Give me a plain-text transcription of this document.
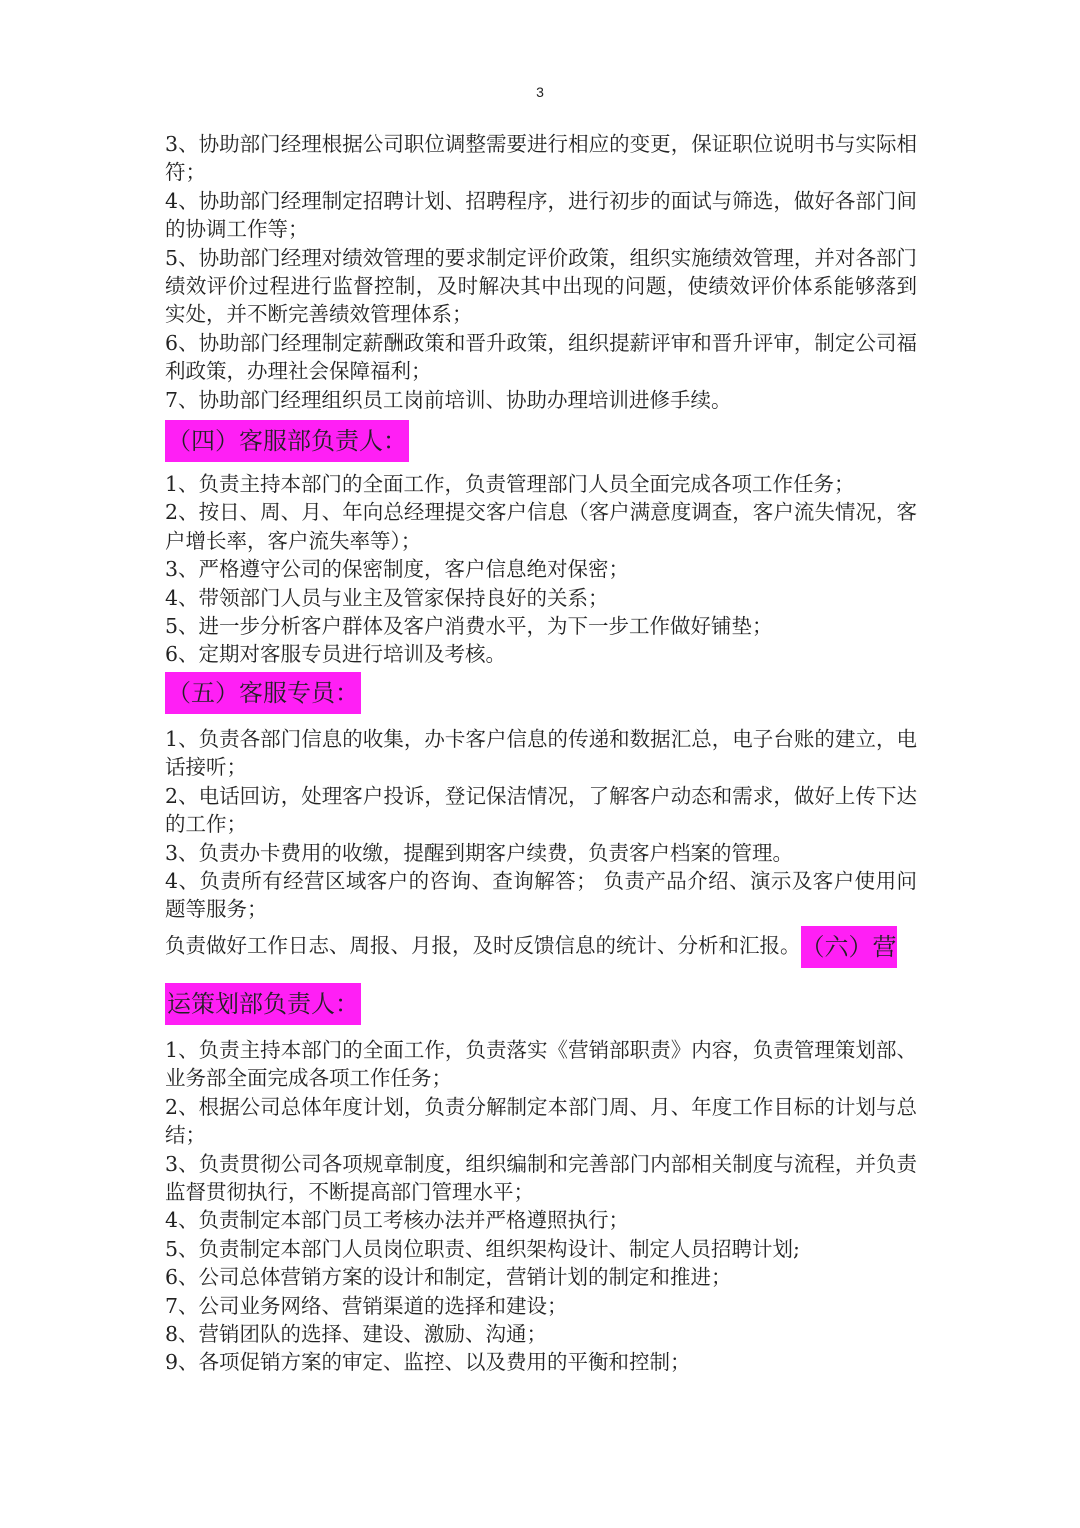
3

3、协助部门经理根据公司职位调整需要进行相应的变更，保证职位说明书与实际相符；

4、协助部门经理制定招聘计划、招聘程序，进行初步的面试与筛选，做好各部门间的协调工作等；

5、协助部门经理对绩效管理的要求制定评价政策，组织实施绩效管理，并对各部门绩效评价过程进行监督控制，及时解决其中出现的问题，使绩效评价体系能够落到实处，并不断完善绩效管理体系；

6、协助部门经理制定薪酬政策和晋升政策，组织提薪评审和晋升评审，制定公司福利政策，办理社会保障福利；

7、协助部门经理组织员工岗前培训、协助办理培训进修手续。

（四）客服部负责人：

1、负责主持本部门的全面工作，负责管理部门人员全面完成各项工作任务；

2、按日、周、月、年向总经理提交客户信息（客户满意度调查，客户流失情况，客户增长率，客户流失率等）；

3、严格遵守公司的保密制度，客户信息绝对保密；

4、带领部门人员与业主及管家保持良好的关系；

5、进一步分析客户群体及客户消费水平，为下一步工作做好铺垫；

6、定期对客服专员进行培训及考核。

（五）客服专员：

1、负责各部门信息的收集，办卡客户信息的传递和数据汇总，电子台账的建立，电话接听；

2、电话回访，处理客户投诉，登记保洁情况，了解客户动态和需求，做好上传下达的工作；

3、负责办卡费用的收缴，提醒到期客户续费，负责客户档案的管理。

4、负责所有经营区域客户的咨询、查询解答； 负责产品介绍、演示及客户使用问题等服务；

负责做好工作日志、周报、月报，及时反馈信息的统计、分析和汇报。（六）营
运策划部负责人：

1、负责主持本部门的全面工作，负责落实《营销部职责》内容，负责管理策划部、业务部全面完成各项工作任务；

2、根据公司总体年度计划，负责分解制定本部门周、月、年度工作目标的计划与总结；

3、负责贯彻公司各项规章制度，组织编制和完善部门内部相关制度与流程，并负责监督贯彻执行，不断提高部门管理水平；

4、负责制定本部门员工考核办法并严格遵照执行；

5、负责制定本部门人员岗位职责、组织架构设计、制定人员招聘计划;

6、公司总体营销方案的设计和制定，营销计划的制定和推进；

7、公司业务网络、营销渠道的选择和建设；

8、营销团队的选择、建设、激励、沟通；

9、各项促销方案的审定、监控、以及费用的平衡和控制；
